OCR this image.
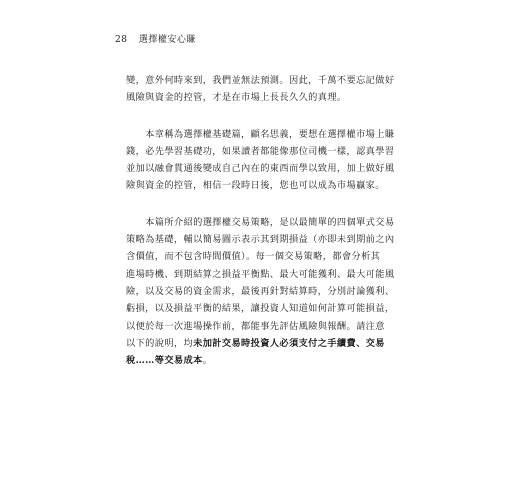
28 選擇權安心賺
變，意外何時來到，我們並無法預測。因此，千萬不要忘記做好
風險與資金的控管，才是在市場上長長久久的真理。
　　本章稱為選擇權基礎篇，顧名思義，要想在選擇權市場上賺
錢，必先學習基礎功，如果讀者都能像那位司機一樣，認真學習
並加以融會貫通後變成自己內在的東西而學以致用，加上做好風
險與資金的控管，相信一段時日後，您也可以成為市場贏家。
　　本篇所介紹的選擇權交易策略，是以最簡單的四個單式交易
策略為基礎，輔以簡易圖示表示其到期損益（亦即未到期前之內
含價值，而不包含時間價值）。每一個交易策略，都會分析其
進場時機、到期結算之損益平衡點、最大可能獲利、最大可能風
險，以及交易的資金需求，最後再針對結算時，分別討論獲利、
虧損，以及損益平衡的結果，讓投資人知道如何計算可能損益，
以便於每一次進場操作前，都能事先評估風險與報酬。請注意
以下的說明，均未加計交易時投資人必須支付之手續費、交易
稅……等交易成本。
